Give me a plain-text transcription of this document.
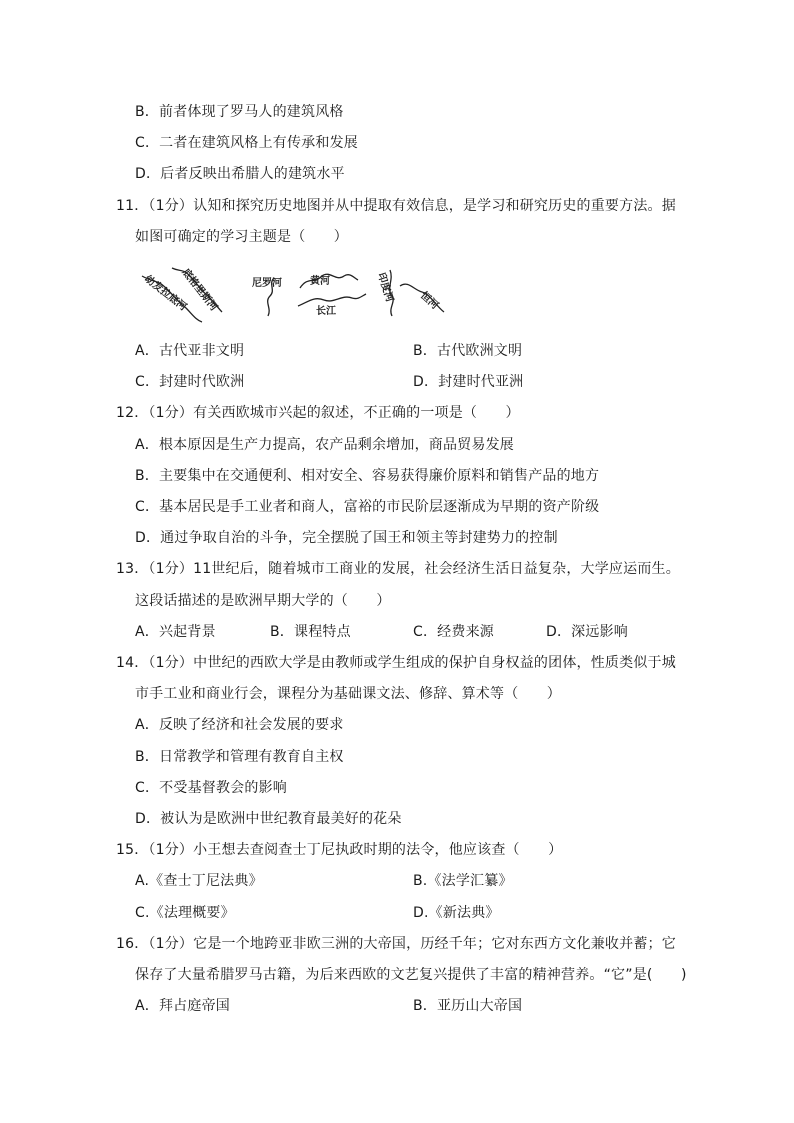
B．前者体现了罗马人的建筑风格
C．二者在建筑风格上有传承和发展
D．后者反映出希腊人的建筑水平
11．（1分）认知和探究历史地图并从中提取有效信息，是学习和研究历史的重要方法。据
如图可确定的学习主题是（　　）
幼发拉底河
底格里斯河	尼罗河	黄河
长江
印度河 恒河
A．古代亚非文明	B．古代欧洲文明
C．封建时代欧洲	D．封建时代亚洲
12．（1分）有关西欧城市兴起的叙述，不正确的一项是（　　）
A．根本原因是生产力提高，农产品剩余增加，商品贸易发展
B．主要集中在交通便利、相对安全、容易获得廉价原料和销售产品的地方
C．基本居民是手工业者和商人，富裕的市民阶层逐渐成为早期的资产阶级
D．通过争取自治的斗争，完全摆脱了国王和领主等封建势力的控制
13．（1分）11世纪后，随着城市工商业的发展，社会经济生活日益复杂，大学应运而生。
这段话描述的是欧洲早期大学的（　　）
A．兴起背景	B．课程特点	C．经费来源	D．深远影响
14．（1分）中世纪的西欧大学是由教师或学生组成的保护自身权益的团体，性质类似于城
市手工业和商业行会，课程分为基础课文法、修辞、算术等（　　）
A．反映了经济和社会发展的要求
B．日常教学和管理有教育自主权
C．不受基督教会的影响
D．被认为是欧洲中世纪教育最美好的花朵
15．（1分）小王想去查阅查士丁尼执政时期的法令，他应该查（　　）
A.《查士丁尼法典》	B.《法学汇纂》
C.《法理概要》	D.《新法典》
16．（1分）它是一个地跨亚非欧三洲的大帝国，历经千年；它对东西方文化兼收并蓄；它
保存了大量希腊罗马古籍，为后来西欧的文艺复兴提供了丰富的精神营养。“它”是(　　)
A．拜占庭帝国	B．亚历山大帝国
